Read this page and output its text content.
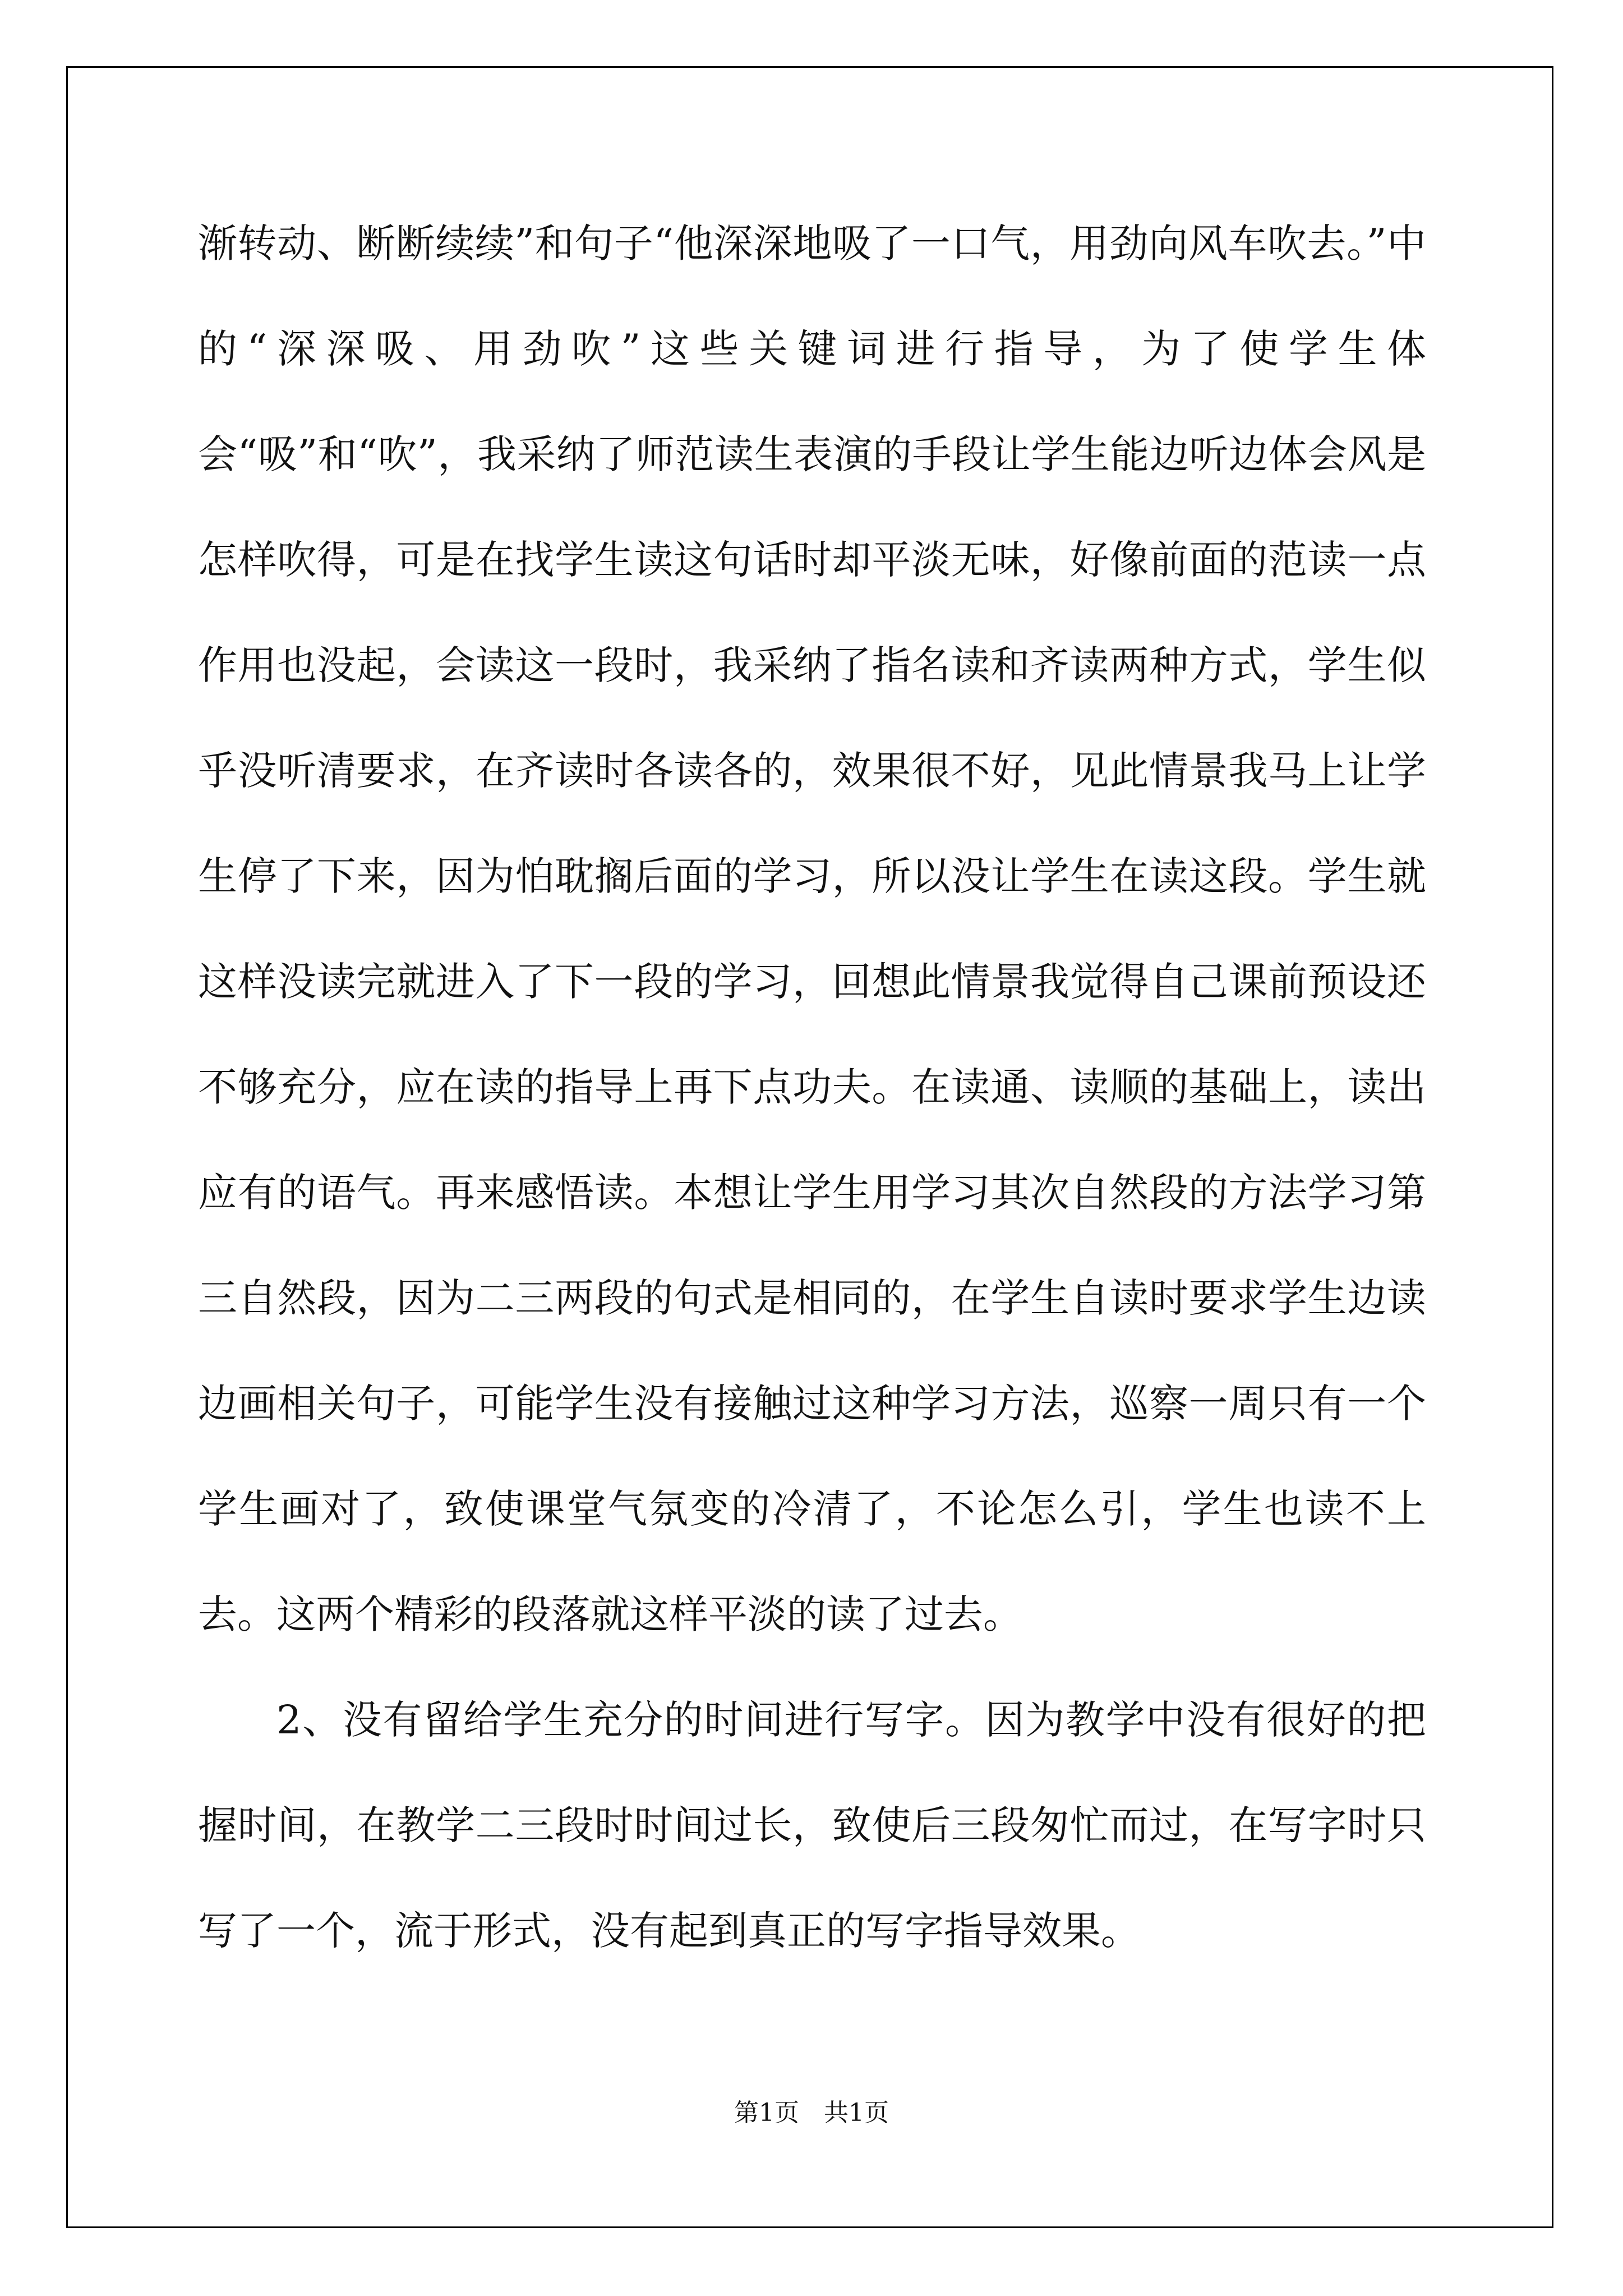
渐转动、断断续续”和句子“他深深地吸了一口气，用劲向风车吹去。”中的“深深吸、用劲吹”这些关键词进行指导，为了使学生体会“吸”和“吹”，我采纳了师范读生表演的手段让学生能边听边体会风是怎样吹得，可是在找学生读这句话时却平淡无味，好像前面的范读一点作用也没起，会读这一段时，我采纳了指名读和齐读两种方式，学生似乎没听清要求，在齐读时各读各的，效果很不好，见此情景我马上让学生停了下来，因为怕耽搁后面的学习，所以没让学生在读这段。学生就这样没读完就进入了下一段的学习，回想此情景我觉得自己课前预设还不够充分，应在读的指导上再下点功夫。在读通、读顺的基础上，读出应有的语气。再来感悟读。本想让学生用学习其次自然段的方法学习第三自然段，因为二三两段的句式是相同的，在学生自读时要求学生边读边画相关句子，可能学生没有接触过这种学习方法，巡察一周只有一个学生画对了，致使课堂气氛变的冷清了，不论怎么引，学生也读不上去。这两个精彩的段落就这样平淡的读了过去。

2、没有留给学生充分的时间进行写字。因为教学中没有很好的把握时间，在教学二三段时时间过长，致使后三段匆忙而过，在写字时只写了一个，流于形式，没有起到真正的写字指导效果。

第1页　共1页
